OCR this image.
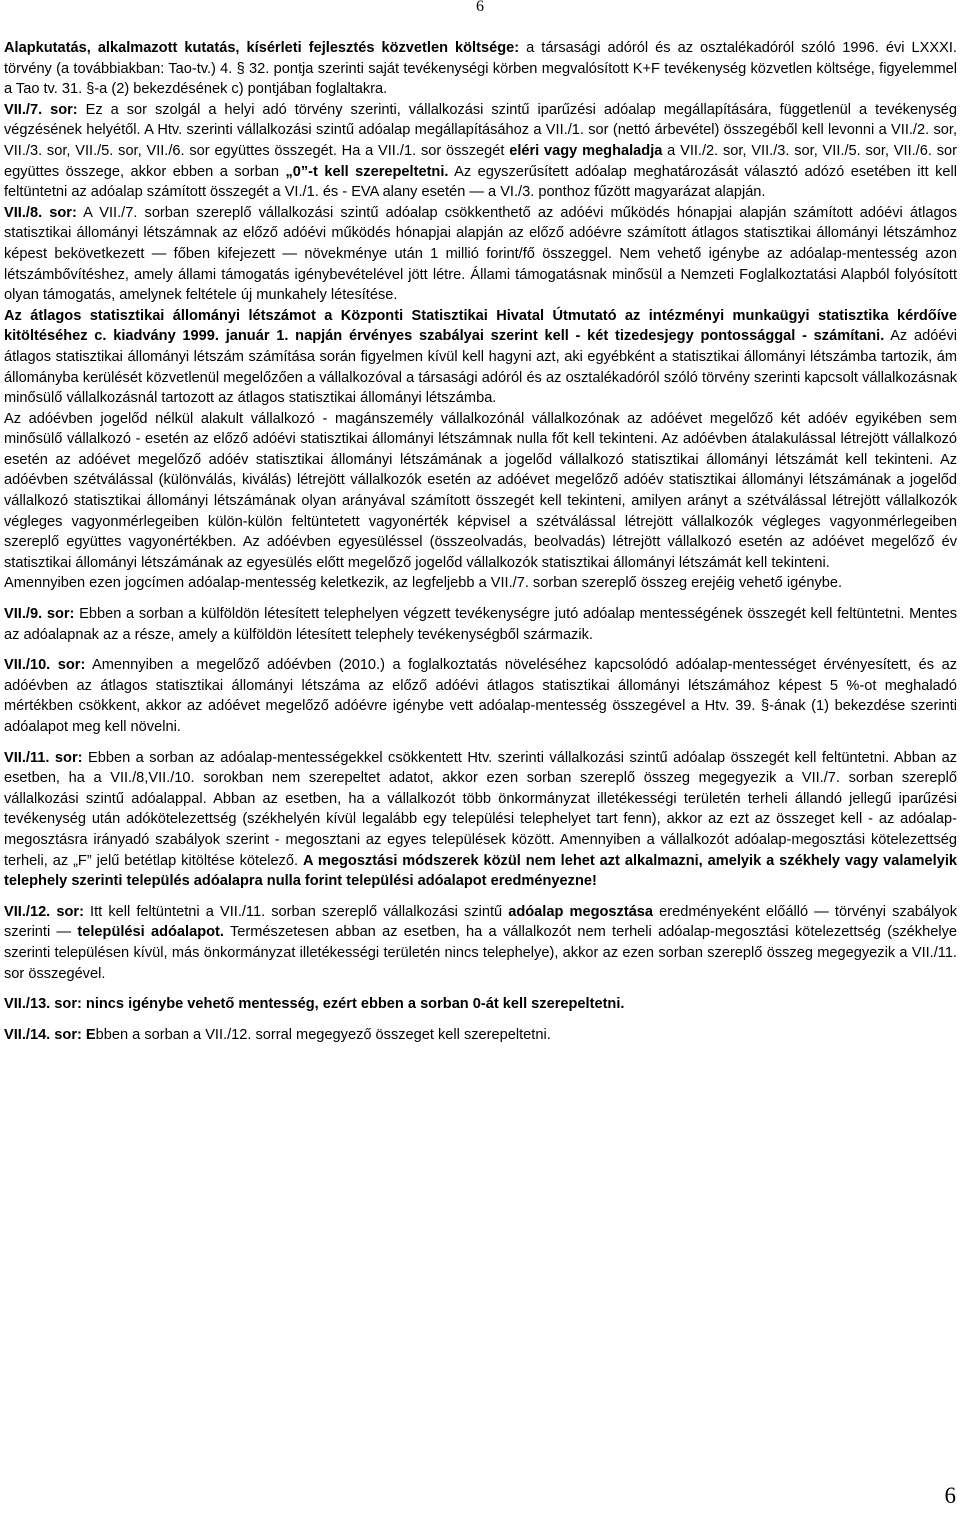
6

Alapkutatás, alkalmazott kutatás, kísérleti fejlesztés közvetlen költsége: a társasági adóról és az osztalékadóról szóló 1996. évi LXXXI. törvény (a továbbiakban: Tao-tv.) 4. § 32. pontja szerinti saját tevékenységi körben megvalósított K+F tevékenység közvetlen költsége, figyelemmel a Tao tv. 31. §-a (2) bekezdésének c) pontjában foglaltakra.

VII./7. sor: Ez a sor szolgál a helyi adó törvény szerinti, vállalkozási szintű iparűzési adóalap megállapítására, függetlenül a tevékenység végzésének helyétől. A Htv. szerinti vállalkozási szintű adóalap megállapításához a VII./1. sor (nettó árbevétel) összegéből kell levonni a VII./2. sor, VII./3. sor, VII./5. sor, VII./6. sor együttes összegét. Ha a VII./1. sor összegét eléri vagy meghaladja a VII./2. sor, VII./3. sor, VII./5. sor, VII./6. sor együttes összege, akkor ebben a sorban „0”-t kell szerepeltetni. Az egyszerűsített adóalap meghatározását választó adózó esetében itt kell feltüntetni az adóalap számított összegét a VI./1. és - EVA alany esetén — a VI./3. ponthoz fűzött magyarázat alapján.

VII./8. sor: A VII./7. sorban szereplő vállalkozási szintű adóalap csökkenthető az adóévi működés hónapjai alapján számított adóévi átlagos statisztikai állományi létszámnak az előző adóévi működés hónapjai alapján az előző adóévre számított átlagos statisztikai állományi létszámhoz képest bekövetkezett — főben kifejezett — növekménye után 1 millió forint/fő összeggel. Nem vehető igénybe az adóalap-mentesség azon létszámbővítéshez, amely állami támogatás igénybevételével jött létre. Állami támogatásnak minősül a Nemzeti Foglalkoztatási Alapból folyósított olyan támogatás, amelynek feltétele új munkahely létesítése.

Az átlagos statisztikai állományi létszámot a Központi Statisztikai Hivatal Útmutató az intézményi munkaügyi statisztika kérdőíve kitöltéséhez c. kiadvány 1999. január 1. napján érvényes szabályai szerint kell - két tizedesjegy pontossággal - számítani. Az adóévi átlagos statisztikai állományi létszám számítása során figyelmen kívül kell hagyni azt, aki egyébként a statisztikai állományi létszámba tartozik, ám állományba kerülését közvetlenül megelőzően a vállalkozóval a társasági adóról és az osztalékadóról szóló törvény szerinti kapcsolt vállalkozásnak minősülő vállalkozásnál tartozott az átlagos statisztikai állományi létszámba.

Az adóévben jogelőd nélkül alakult vállalkozó - magánszemély vállalkozónál vállalkozónak az adóévet megelőző két adóév egyikében sem minősülő vállalkozó - esetén az előző adóévi statisztikai állományi létszámnak nulla főt kell tekinteni. Az adóévben átalakulással létrejött vállalkozó esetén az adóévet megelőző adóév statisztikai állományi létszámának a jogelőd vállalkozó statisztikai állományi létszámát kell tekinteni. Az adóévben szétválással (különválás, kiválás) létrejött vállalkozók esetén az adóévet megelőző adóév statisztikai állományi létszámának a jogelőd vállalkozó statisztikai állományi létszámának olyan arányával számított összegét kell tekinteni, amilyen arányt a szétválással létrejött vállalkozók végleges vagyonmérlegeiben külön-külön feltüntetett vagyonérték képvisel a szétválással létrejött vállalkozók végleges vagyonmérlegeiben szereplő együttes vagyonértékben. Az adóévben egyesüléssel (összeolvadás, beolvadás) létrejött vállalkozó esetén az adóévet megelőző év statisztikai állományi létszámának az egyesülés előtt megelőző jogelőd vállalkozók statisztikai állományi létszámát kell tekinteni.

Amennyiben ezen jogcímen adóalap-mentesség keletkezik, az legfeljebb a VII./7. sorban szereplő összeg erejéig vehető igénybe.

VII./9. sor: Ebben a sorban a külföldön létesített telephelyen végzett tevékenységre jutó adóalap mentességének összegét kell feltüntetni. Mentes az adóalapnak az a része, amely a külföldön létesített telephely tevékenységből származik.

VII./10. sor: Amennyiben a megelőző adóévben (2010.) a foglalkoztatás növeléséhez kapcsolódó adóalap-mentességet érvényesített, és az adóévben az átlagos statisztikai állományi létszáma az előző adóévi átlagos statisztikai állományi létszámához képest 5 %-ot meghaladó mértékben csökkent, akkor az adóévet megelőző adóévre igénybe vett adóalap-mentesség összegével a Htv. 39. §-ának (1) bekezdése szerinti adóalapot meg kell növelni.

VII./11. sor: Ebben a sorban az adóalap-mentességekkel csökkentett Htv. szerinti vállalkozási szintű adóalap összegét kell feltüntetni. Abban az esetben, ha a VII./8,VII./10. sorokban nem szerepeltet adatot, akkor ezen sorban szereplő összeg megegyezik a VII./7. sorban szereplő vállalkozási szintű adóalappal. Abban az esetben, ha a vállalkozót több önkormányzat illetékességi területén terheli állandó jellegű iparűzési tevékenység után adókötelezettség (székhelyén kívül legalább egy települési telephelyet tart fenn), akkor az ezt az összeget kell - az adóalap-megosztásra irányadó szabályok szerint - megosztani az egyes települések között. Amennyiben a vállalkozót adóalap-megosztási kötelezettség terheli, az „F” jelű betétlap kitöltése kötelező. A megosztási módszerek közül nem lehet azt alkalmazni, amelyik a székhely vagy valamelyik telephely szerinti település adóalapra nulla forint települési adóalapot eredményezne!

VII./12. sor: Itt kell feltüntetni a VII./11. sorban szereplő vállalkozási szintű adóalap megosztása eredményeként előálló — törvényi szabályok szerinti — települési adóalapot. Természetesen abban az esetben, ha a vállalkozót nem terheli adóalap-megosztási kötelezettség (székhelye szerinti településen kívül, más önkormányzat illetékességi területén nincs telephelye), akkor az ezen sorban szereplő összeg megegyezik a VII./11. sor összegével.

VII./13. sor: nincs igénybe vehető mentesség, ezért ebben a sorban 0-át kell szerepeltetni.

VII./14. sor: Ebben a sorban a VII./12. sorral megegyező összeget kell szerepeltetni.

6
